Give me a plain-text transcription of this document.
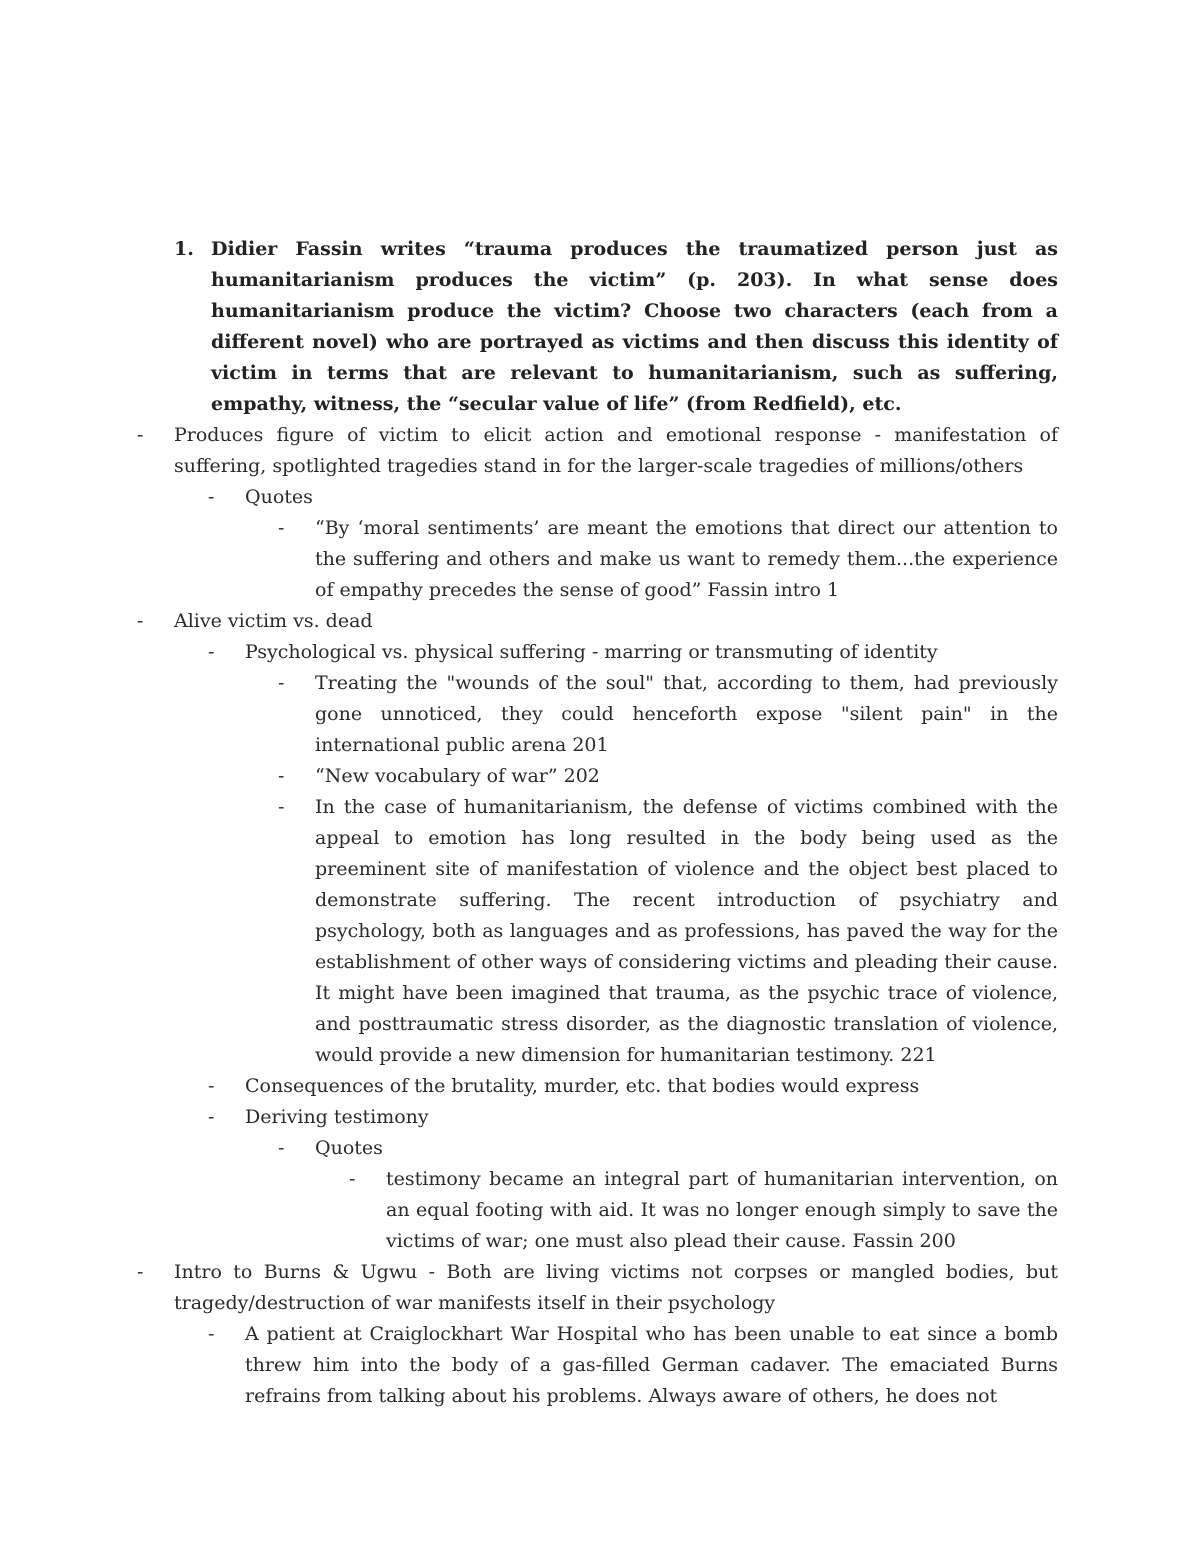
1. Didier Fassin writes “trauma produces the traumatized person just as humanitarianism produces the victim” (p. 203). In what sense does humanitarianism produce the victim? Choose two characters (each from a different novel) who are portrayed as victims and then discuss this identity of victim in terms that are relevant to humanitarianism, such as suffering, empathy, witness, the “secular value of life” (from Redfield), etc.
- Produces figure of victim to elicit action and emotional response - manifestation of suffering, spotlighted tragedies stand in for the larger-scale tragedies of millions/others
- Quotes
- “By ‘moral sentiments’ are meant the emotions that direct our attention to the suffering and others and make us want to remedy them...the experience of empathy precedes the sense of good” Fassin intro 1
- Alive victim vs. dead
- Psychological vs. physical suffering - marring or transmuting of identity
- Treating the "wounds of the soul" that, according to them, had previously gone unnoticed, they could henceforth expose "silent pain" in the international public arena 201
- “New vocabulary of war” 202
- In the case of humanitarianism, the defense of victims combined with the appeal to emotion has long resulted in the body being used as the preeminent site of manifestation of violence and the object best placed to demonstrate suffering. The recent introduction of psychiatry and psychology, both as languages and as professions, has paved the way for the establishment of other ways of considering victims and pleading their cause. It might have been imagined that trauma, as the psychic trace of violence, and posttraumatic stress disorder, as the diagnostic translation of violence, would provide a new dimension for humanitarian testimony. 221
- Consequences of the brutality, murder, etc. that bodies would express
- Deriving testimony
- Quotes
- testimony became an integral part of humanitarian intervention, on an equal footing with aid. It was no longer enough simply to save the victims of war; one must also plead their cause. Fassin 200
- Intro to Burns & Ugwu - Both are living victims not corpses or mangled bodies, but tragedy/destruction of war manifests itself in their psychology
- A patient at Craiglockhart War Hospital who has been unable to eat since a bomb threw him into the body of a gas-filled German cadaver. The emaciated Burns refrains from talking about his problems. Always aware of others, he does not
